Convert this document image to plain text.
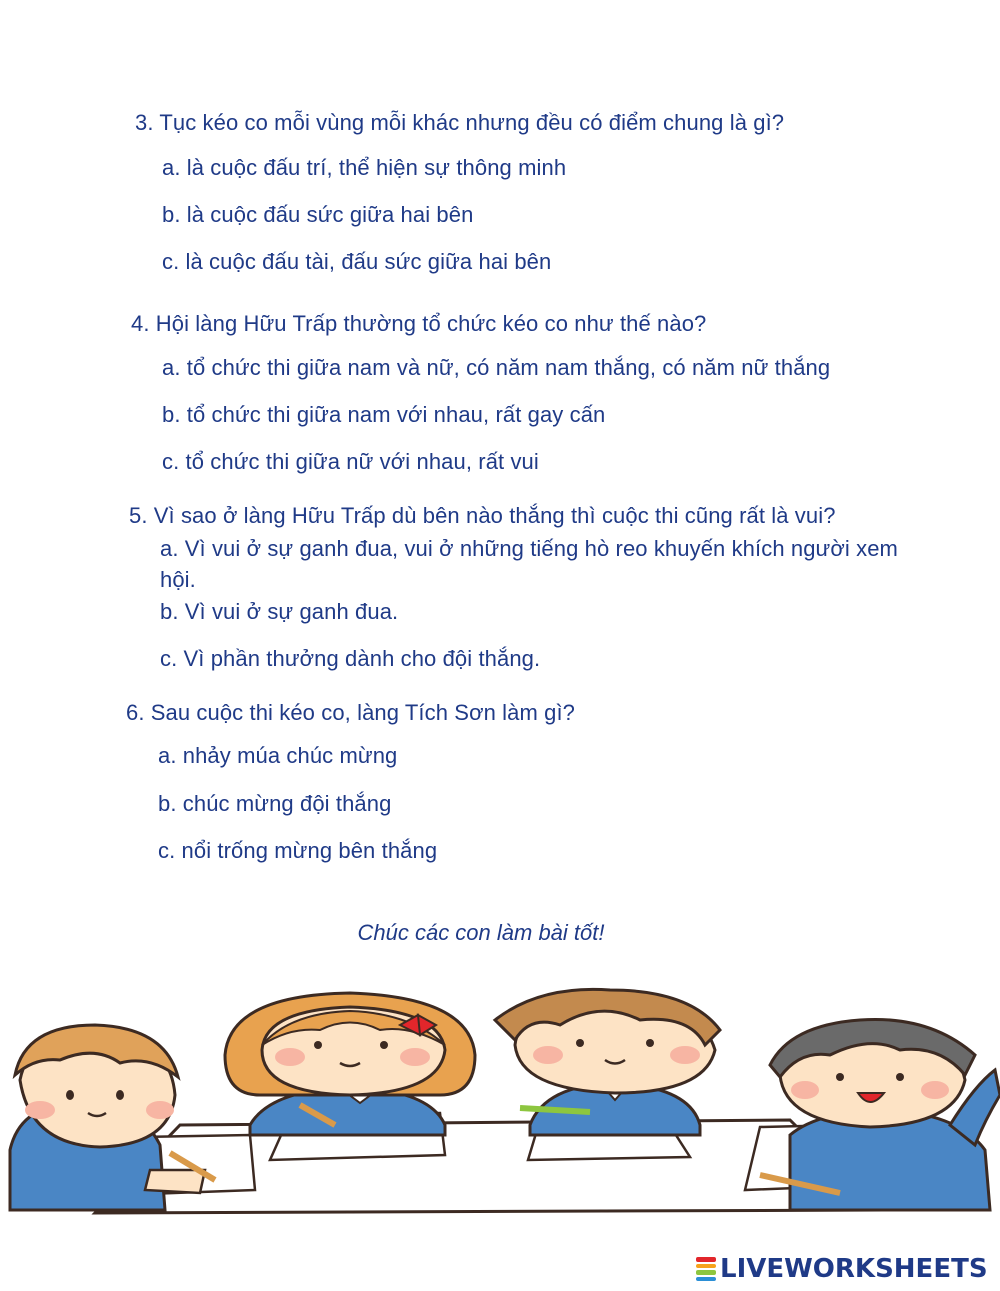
3. Tục kéo co mỗi vùng mỗi khác nhưng đều có điểm chung là gì?
a. là cuộc đấu trí, thể hiện sự thông minh
b. là cuộc đấu sức giữa hai bên
c. là cuộc đấu tài, đấu sức giữa hai bên
4. Hội làng Hữu Trấp thường tổ chức kéo co như thế nào?
a. tổ chức thi giữa nam và nữ, có năm nam thắng, có năm nữ thắng
b. tổ chức thi giữa nam với nhau, rất gay cấn
c. tổ chức thi giữa nữ với nhau, rất vui
5. Vì sao ở làng Hữu Trấp dù bên nào thắng thì cuộc thi cũng rất là vui?
a. Vì vui ở sự ganh đua, vui ở những tiếng hò reo khuyến khích người xem
hội.
b. Vì vui ở sự ganh đua.
c. Vì phần thưởng dành cho đội thắng.
6. Sau cuộc thi kéo co, làng Tích Sơn làm gì?
a. nhảy múa chúc mừng
b. chúc mừng đội thắng
c. nổi trống mừng bên thắng
Chúc các con làm bài tốt!
LIVEWORKSHEETS
